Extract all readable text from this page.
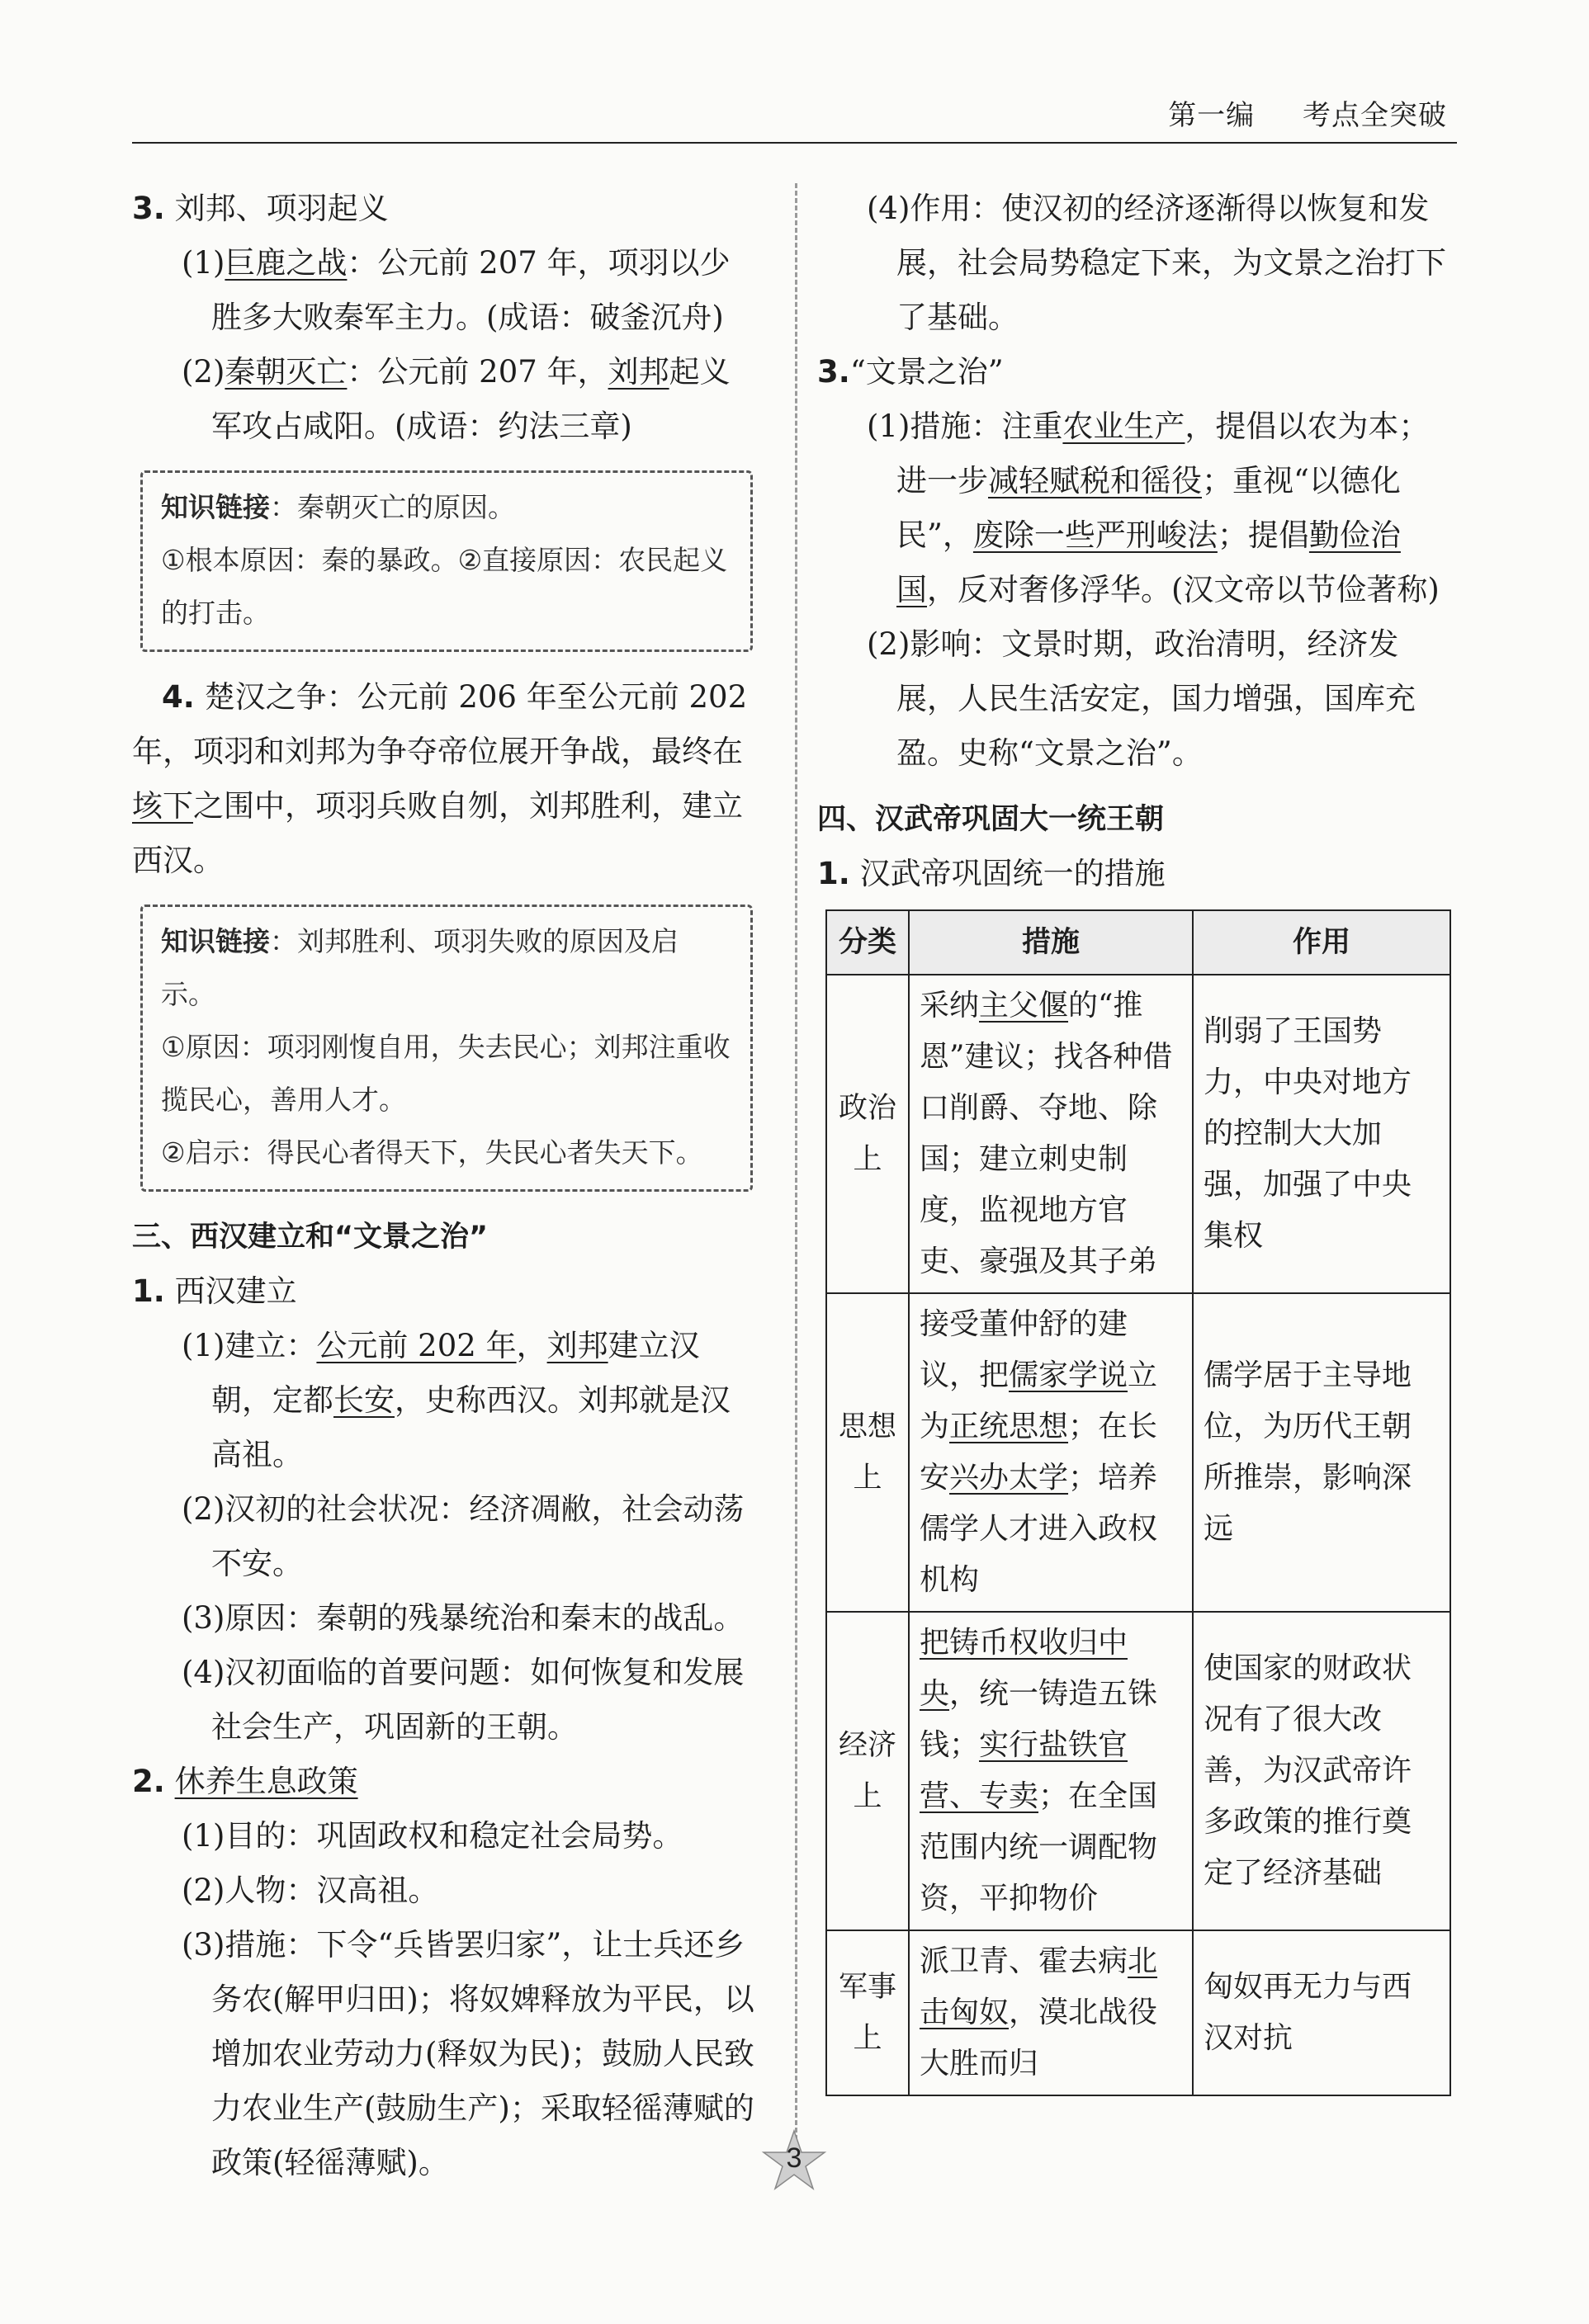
第一编 考点全突破

3. 刘邦、项羽起义

(1)巨鹿之战：公元前 207 年，项羽以少胜多大败秦军主力。(成语：破釜沉舟)

(2)秦朝灭亡：公元前 207 年，刘邦起义军攻占咸阳。(成语：约法三章)

知识链接：秦朝灭亡的原因。
①根本原因：秦的暴政。②直接原因：农民起义的打击。

4. 楚汉之争：公元前 206 年至公元前 202 年，项羽和刘邦为争夺帝位展开争战，最终在垓下之围中，项羽兵败自刎，刘邦胜利，建立西汉。

知识链接：刘邦胜利、项羽失败的原因及启示。
①原因：项羽刚愎自用，失去民心；刘邦注重收揽民心，善用人才。
②启示：得民心者得天下，失民心者失天下。

三、西汉建立和“文景之治”

1. 西汉建立

(1)建立：公元前 202 年，刘邦建立汉朝，定都长安，史称西汉。刘邦就是汉高祖。

(2)汉初的社会状况：经济凋敝，社会动荡不安。

(3)原因：秦朝的残暴统治和秦末的战乱。

(4)汉初面临的首要问题：如何恢复和发展社会生产，巩固新的王朝。

2. 休养生息政策

(1)目的：巩固政权和稳定社会局势。

(2)人物：汉高祖。

(3)措施：下令“兵皆罢归家”，让士兵还乡务农(解甲归田)；将奴婢释放为平民，以增加农业劳动力(释奴为民)；鼓励人民致力农业生产(鼓励生产)；采取轻徭薄赋的政策(轻徭薄赋)。

(4)作用：使汉初的经济逐渐得以恢复和发展，社会局势稳定下来，为文景之治打下了基础。

3.“文景之治”

(1)措施：注重农业生产，提倡以农为本；进一步减轻赋税和徭役；重视“以德化民”，废除一些严刑峻法；提倡勤俭治国，反对奢侈浮华。(汉文帝以节俭著称)

(2)影响：文景时期，政治清明，经济发展，人民生活安定，国力增强，国库充盈。史称“文景之治”。

四、汉武帝巩固大一统王朝

1. 汉武帝巩固统一的措施

分类	措施	作用
政治上	采纳主父偃的“推恩”建议；找各种借口削爵、夺地、除国；建立刺史制度，监视地方官吏、豪强及其子弟	削弱了王国势力，中央对地方的控制大大加强，加强了中央集权
思想上	接受董仲舒的建议，把儒家学说立为正统思想；在长安兴办太学；培养儒学人才进入政权机构	儒学居于主导地位，为历代王朝所推崇，影响深远
经济上	把铸币权收归中央，统一铸造五铢钱；实行盐铁官营、专卖；在全国范围内统一调配物资，平抑物价	使国家的财政状况有了很大改善，为汉武帝许多政策的推行奠定了经济基础
军事上	派卫青、霍去病北击匈奴，漠北战役大胜而归	匈奴再无力与西汉对抗
3
